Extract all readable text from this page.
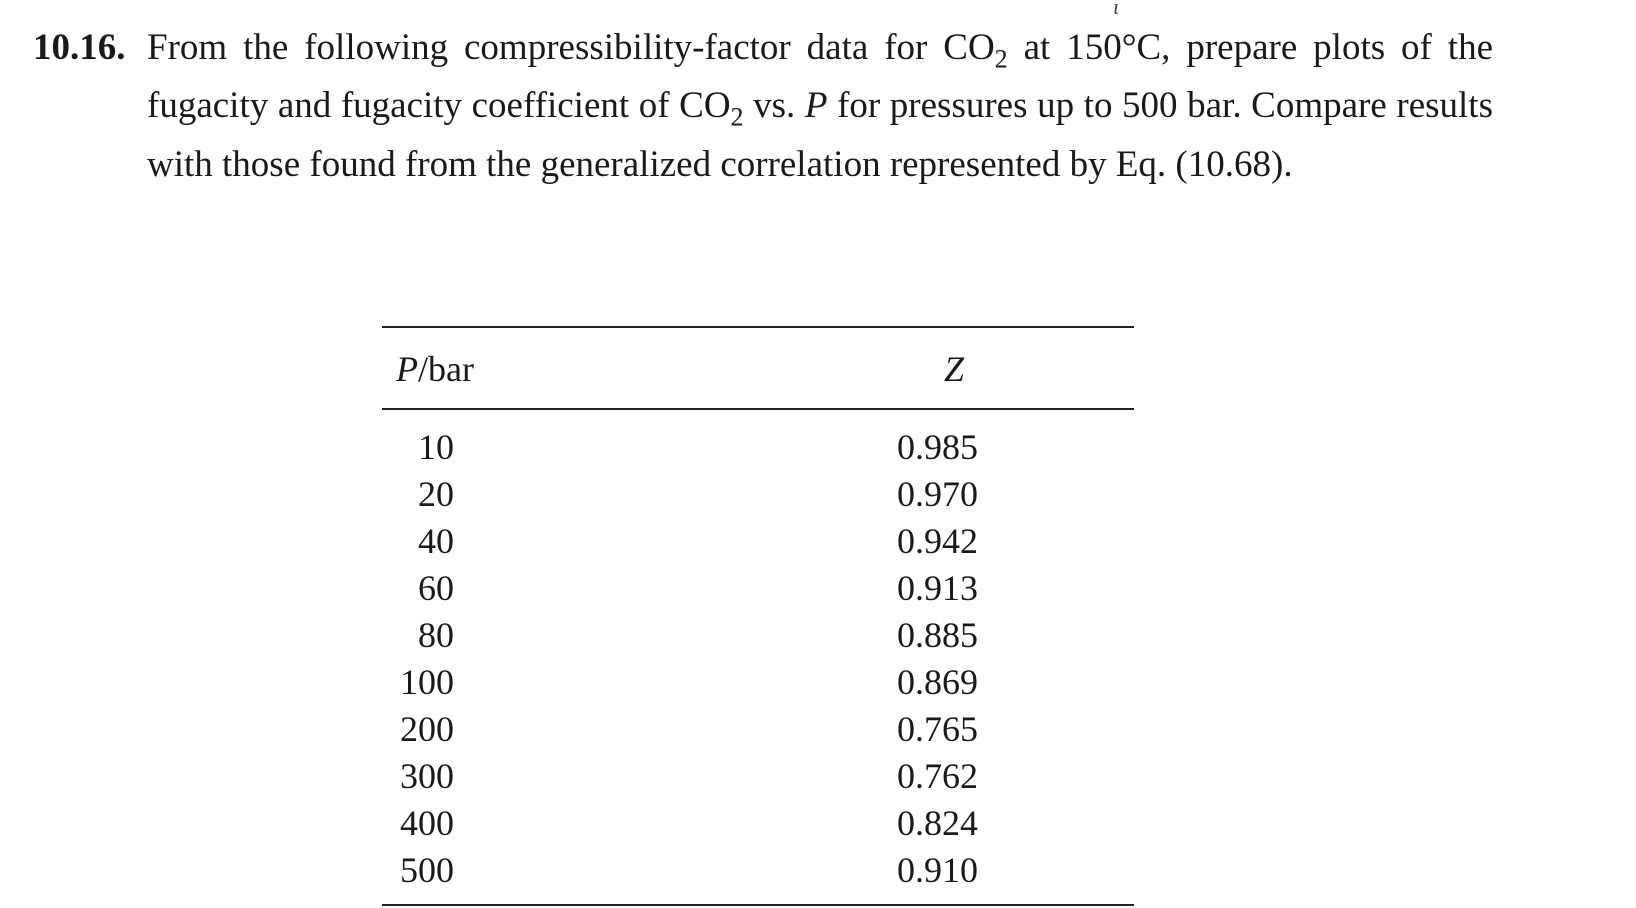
ι
10.16. From the following compressibility-factor data for $CO_2$ at 150°C, prepare plots of the fugacity and fugacity coefficient of $CO_2$ vs. P for pressures up to 500 bar. Compare results with those found from the generalized correlation represented by Eq. (10.68).
P/bar	Z
10	0.985
20	0.970
40	0.942
60	0.913
80	0.885
100	0.869
200	0.765
300	0.762
400	0.824
500	0.910
